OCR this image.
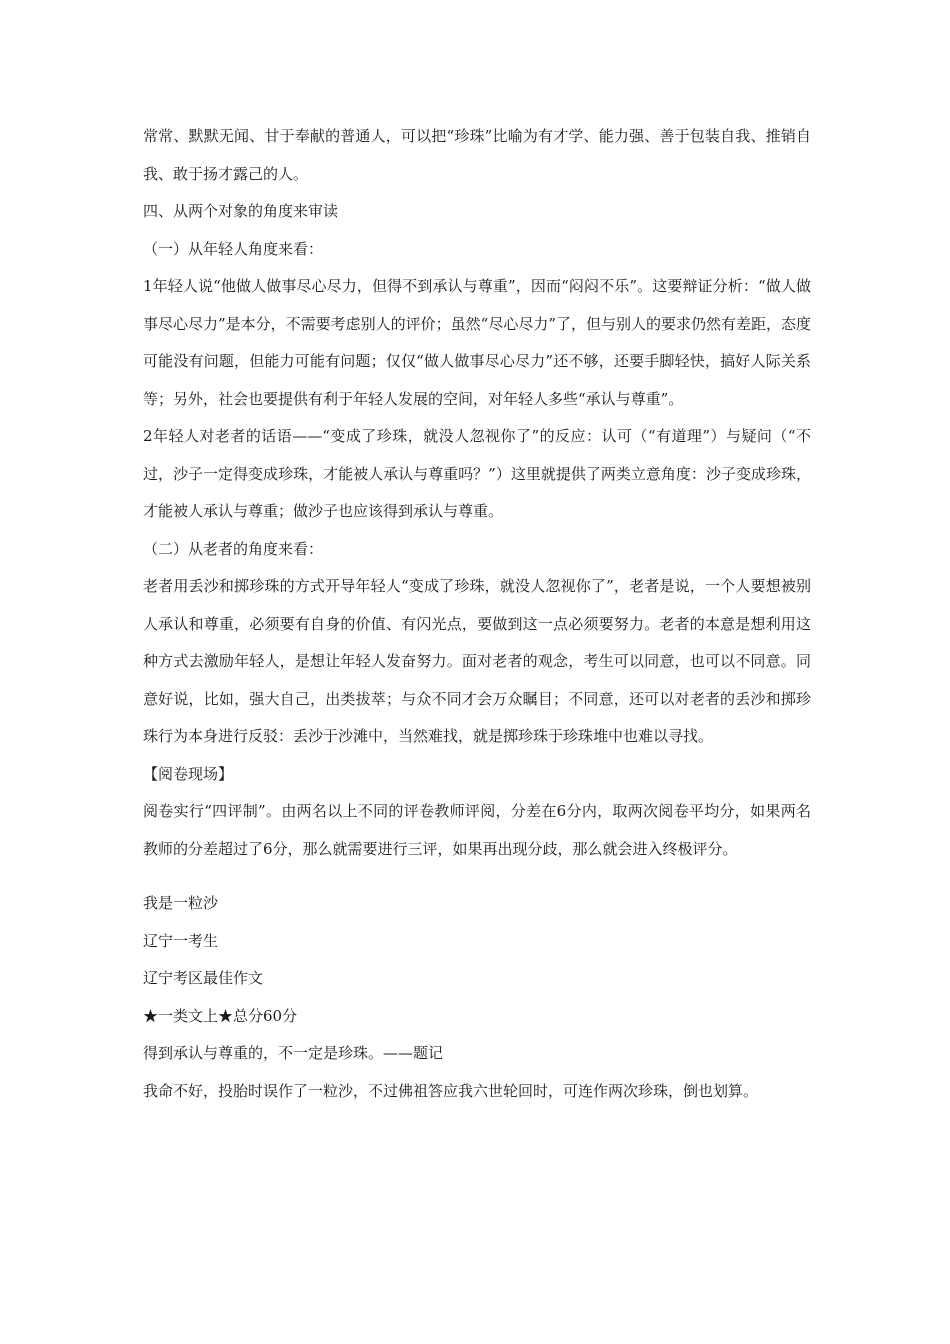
常常、默默无闻、甘于奉献的普通人，可以把“珍珠”比喻为有才学、能力强、善于包装自我、推销自我、敢于扬才露己的人。

四、从两个对象的角度来审读

（一）从年轻人角度来看：

1年轻人说“他做人做事尽心尽力，但得不到承认与尊重”，因而“闷闷不乐”。这要辩证分析：“做人做事尽心尽力”是本分，不需要考虑别人的评价；虽然“尽心尽力”了，但与别人的要求仍然有差距，态度可能没有问题，但能力可能有问题；仅仅“做人做事尽心尽力”还不够，还要手脚轻快，搞好人际关系等；另外，社会也要提供有利于年轻人发展的空间，对年轻人多些“承认与尊重”。

2年轻人对老者的话语——“变成了珍珠，就没人忽视你了”的反应：认可（“有道理”）与疑问（“不过，沙子一定得变成珍珠，才能被人承认与尊重吗？”）这里就提供了两类立意角度：沙子变成珍珠，才能被人承认与尊重；做沙子也应该得到承认与尊重。

（二）从老者的角度来看：

老者用丢沙和掷珍珠的方式开导年轻人“变成了珍珠，就没人忽视你了”，老者是说，一个人要想被别人承认和尊重，必须要有自身的价值、有闪光点，要做到这一点必须要努力。老者的本意是想利用这种方式去激励年轻人，是想让年轻人发奋努力。面对老者的观念，考生可以同意，也可以不同意。同意好说，比如，强大自己，出类拔萃；与众不同才会万众瞩目；不同意，还可以对老者的丢沙和掷珍珠行为本身进行反驳：丢沙于沙滩中，当然难找，就是掷珍珠于珍珠堆中也难以寻找。

【阅卷现场】

阅卷实行“四评制”。由两名以上不同的评卷教师评阅，分差在6分内，取两次阅卷平均分，如果两名教师的分差超过了6分，那么就需要进行三评，如果再出现分歧，那么就会进入终极评分。

我是一粒沙

辽宁一考生

辽宁考区最佳作文

★一类文上★总分60分

得到承认与尊重的，不一定是珍珠。——题记

我命不好，投胎时误作了一粒沙，不过佛祖答应我六世轮回时，可连作两次珍珠，倒也划算。
